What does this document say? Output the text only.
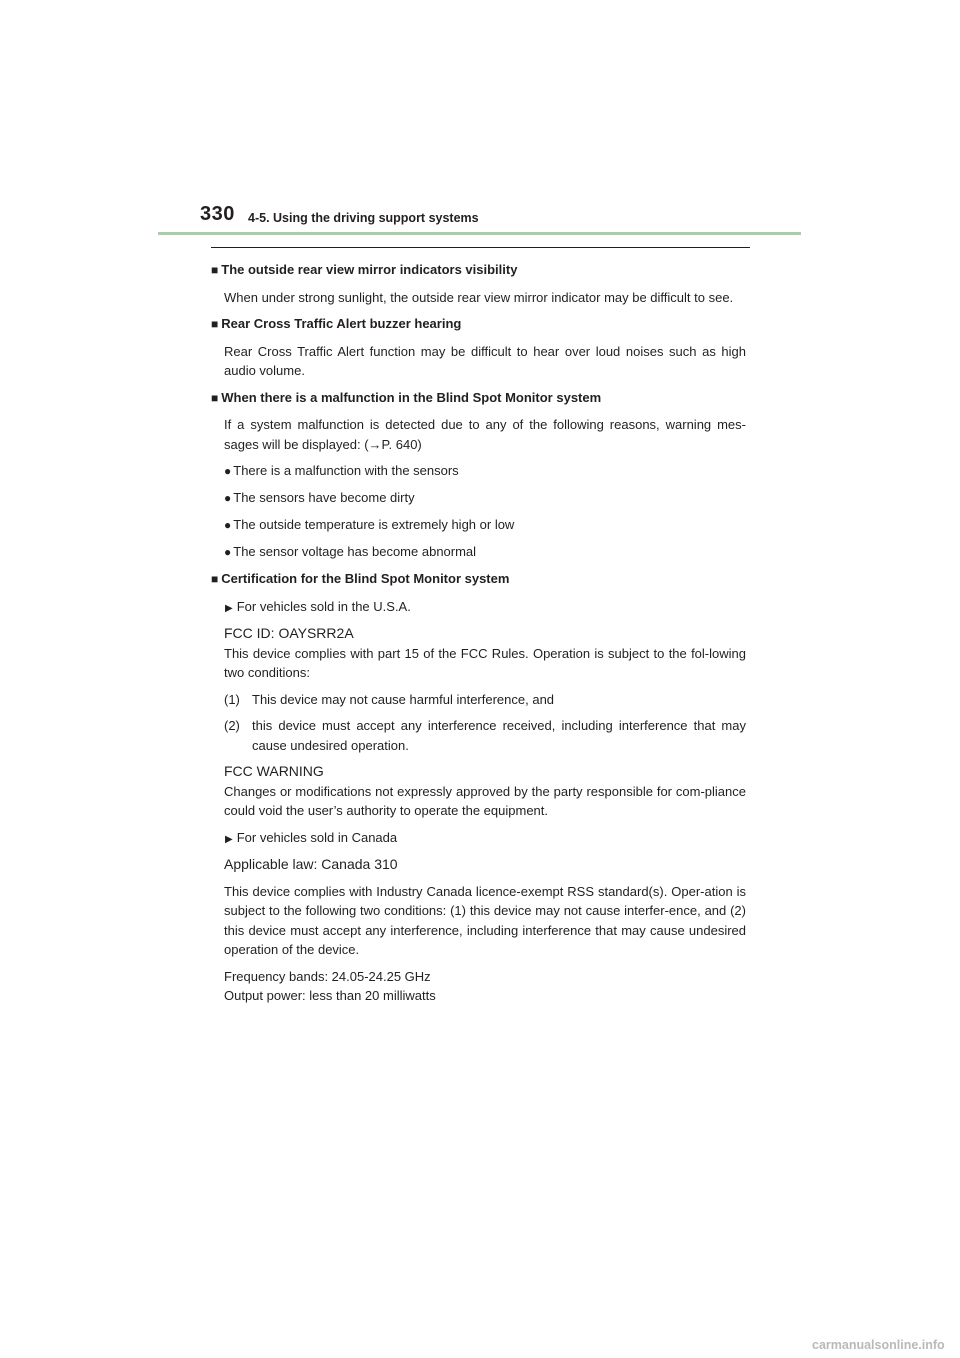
330 4-5. Using the driving support systems
■ The outside rear view mirror indicators visibility
When under strong sunlight, the outside rear view mirror indicator may be difficult to see.
■ Rear Cross Traffic Alert buzzer hearing
Rear Cross Traffic Alert function may be difficult to hear over loud noises such as high audio volume.
■ When there is a malfunction in the Blind Spot Monitor system
If a system malfunction is detected due to any of the following reasons, warning mes-sages will be displayed: (→P. 640)
● There is a malfunction with the sensors
● The sensors have become dirty
● The outside temperature is extremely high or low
● The sensor voltage has become abnormal
■ Certification for the Blind Spot Monitor system
▶ For vehicles sold in the U.S.A.
FCC ID: OAYSRR2A
This device complies with part 15 of the FCC Rules. Operation is subject to the fol-lowing two conditions:
(1) This device may not cause harmful interference, and
(2) this device must accept any interference received, including interference that may cause undesired operation.
FCC WARNING
Changes or modifications not expressly approved by the party responsible for com-pliance could void the user’s authority to operate the equipment.
▶ For vehicles sold in Canada
Applicable law: Canada 310
This device complies with Industry Canada licence-exempt RSS standard(s). Oper-ation is subject to the following two conditions: (1) this device may not cause interfer-ence, and (2) this device must accept any interference, including interference that may cause undesired operation of the device.
Frequency bands: 24.05-24.25 GHz
Output power: less than 20 milliwatts
carmanualsonline.info
